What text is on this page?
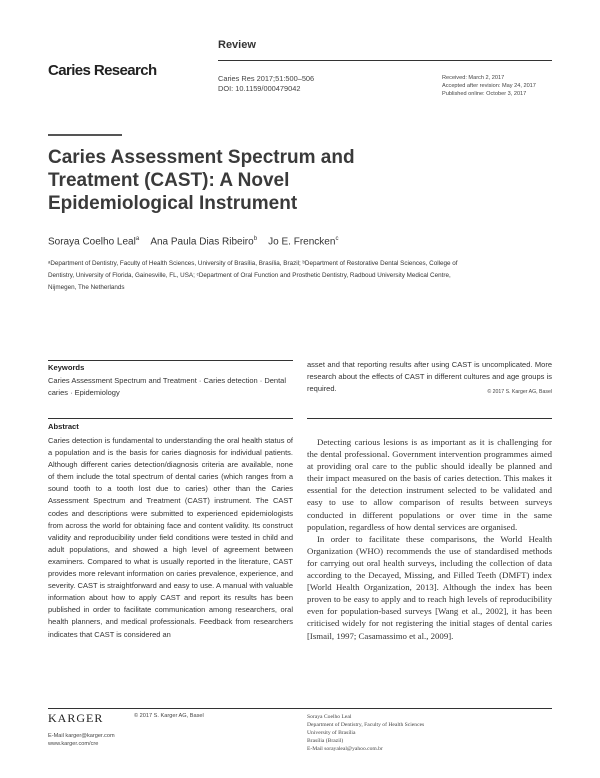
Review
Caries Research	Caries Res 2017;51:500–506
DOI: 10.1159/000479042
Received: March 2, 2017
Accepted after revision: May 24, 2017
Published online: October 3, 2017
Caries Assessment Spectrum and Treatment (CAST): A Novel Epidemiological Instrument
Soraya Coelho Leal$^a$ Ana Paula Dias Ribeiro$^b$ Jo E. Frencken$^c$
ᵃDepartment of Dentistry, Faculty of Health Sciences, University of Brasília, Brasília, Brazil; ᵇDepartment of Restorative Dental Sciences, College of Dentistry, University of Florida, Gainesville, FL, USA; ᶜDepartment of Oral Function and Prosthetic Dentistry, Radboud University Medical Centre, Nijmegen, The Netherlands
Keywords
Caries Assessment Spectrum and Treatment · Caries detection · Dental caries · Epidemiology
Abstract
Caries detection is fundamental to understanding the oral health status of a population and is the basis for caries diagnosis for individual patients. Although different caries detection/diagnosis criteria are available, none of them include the total spectrum of dental caries (which ranges from a sound tooth to a tooth lost due to caries) other than the Caries Assessment Spectrum and Treatment (CAST) instrument. The CAST codes and descriptions were submitted to experienced epidemiologists from across the world for obtaining face and content validity. Its construct validity and reproducibility under field conditions were tested in child and adult populations, and showed a high level of agreement between examiners. Compared to what is usually reported in the literature, CAST provides more relevant information on caries prevalence, experience, and severity. CAST is straightforward and easy to use. A manual with valuable information about how to apply CAST and report its results has been published in order to facilitate communication among researchers, oral health planners, and medical professionals. Feedback from researchers indicates that CAST is considered an
asset and that reporting results after using CAST is uncomplicated. More research about the effects of CAST in different cultures and age groups is required.	© 2017 S. Karger AG, Basel

Detecting carious lesions is as important as it is challenging for the dental professional. Government intervention programmes aimed at providing oral care to the public should ideally be planned and their impact measured on the basis of caries detection. This makes it essential for the detection instrument selected to be validated and easy to use to allow comparison of results between surveys conducted in different populations or over time in the same population, regardless of how dental services are organised.

In order to facilitate these comparisons, the World Health Organization (WHO) recommends the use of standardised methods for carrying out oral health surveys, including the collection of data according to the Decayed, Missing, and Filled Teeth (DMFT) index [World Health Organization, 2013]. Although the index has been proven to be easy to apply and to reach high levels of reproducibility even for population-based surveys [Wang et al., 2002], it has been criticised widely for not registering the initial stages of dental caries [Ismail, 1997; Casamassimo et al., 2009].

KARGER	© 2017 S. Karger AG, Basel
E-Mail karger@karger.com
www.karger.com/cre
Soraya Coelho Leal
Department of Dentistry, Faculty of Health Sciences
University of Brasília
Brasília (Brazil)
E-Mail sorayaleal@yahoo.com.br
